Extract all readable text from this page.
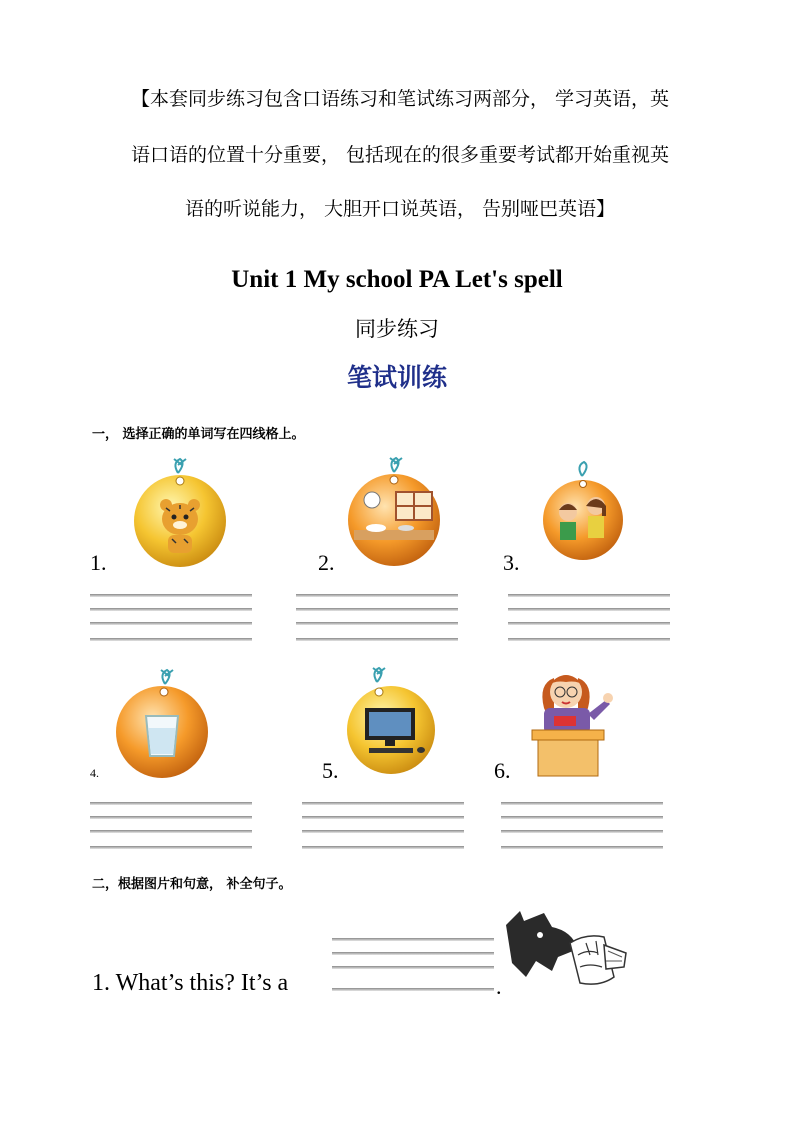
【本套同步练习包含口语练习和笔试练习两部分， 学习英语，英
语口语的位置十分重要， 包括现在的很多重要考试都开始重视英
语的听说能力， 大胆开口说英语， 告别哑巴英语】
Unit 1 My school PA Let's spell
同步练习
笔试训练
一， 选择正确的单词写在四线格上。
1.	2.	3.
4.	5.	6.
二，根据图片和句意， 补全句子。
1. What’s this? It’s a	.
